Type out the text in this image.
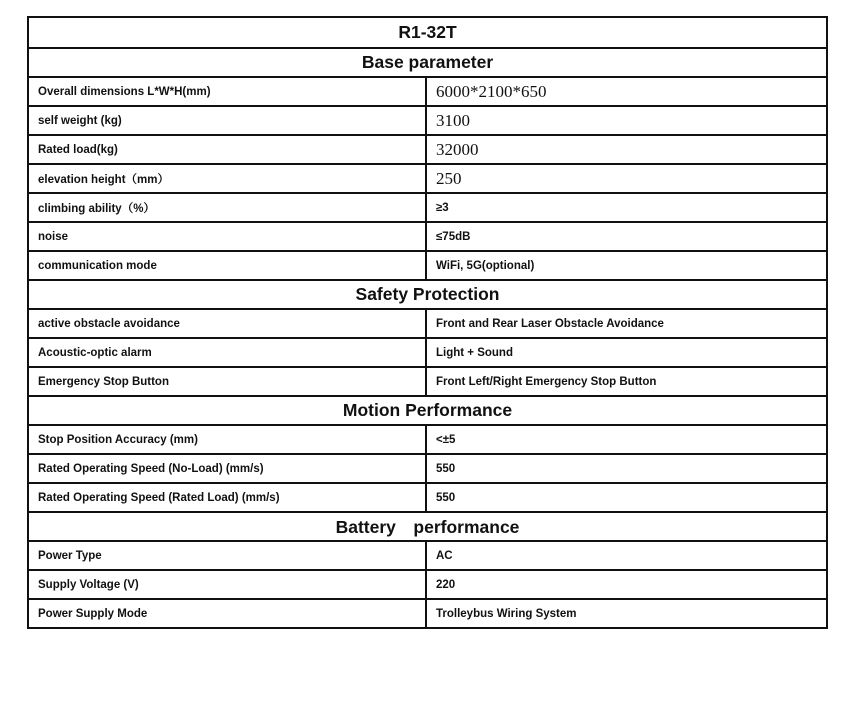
R1-32T	
Base parameter	
Overall dimensions L*W*H(mm)	6000*2100*650
self weight (kg)	3100
Rated load(kg)	32000
elevation height（mm）	250
climbing ability（%）	≥3
noise	≤75dB
communication mode	WiFi, 5G(optional)
Safety Protection	
active obstacle avoidance	Front and Rear Laser Obstacle Avoidance
Acoustic-optic alarm	Light + Sound
Emergency Stop Button	Front Left/Right Emergency Stop Button
Motion Performance	
Stop Position Accuracy (mm)	<±5
Rated Operating Speed (No-Load) (mm/s)	550
Rated Operating Speed (Rated Load) (mm/s)	550
Battery　performance	
Power Type	AC
Supply Voltage (V)	220
Power Supply Mode	Trolleybus Wiring System
